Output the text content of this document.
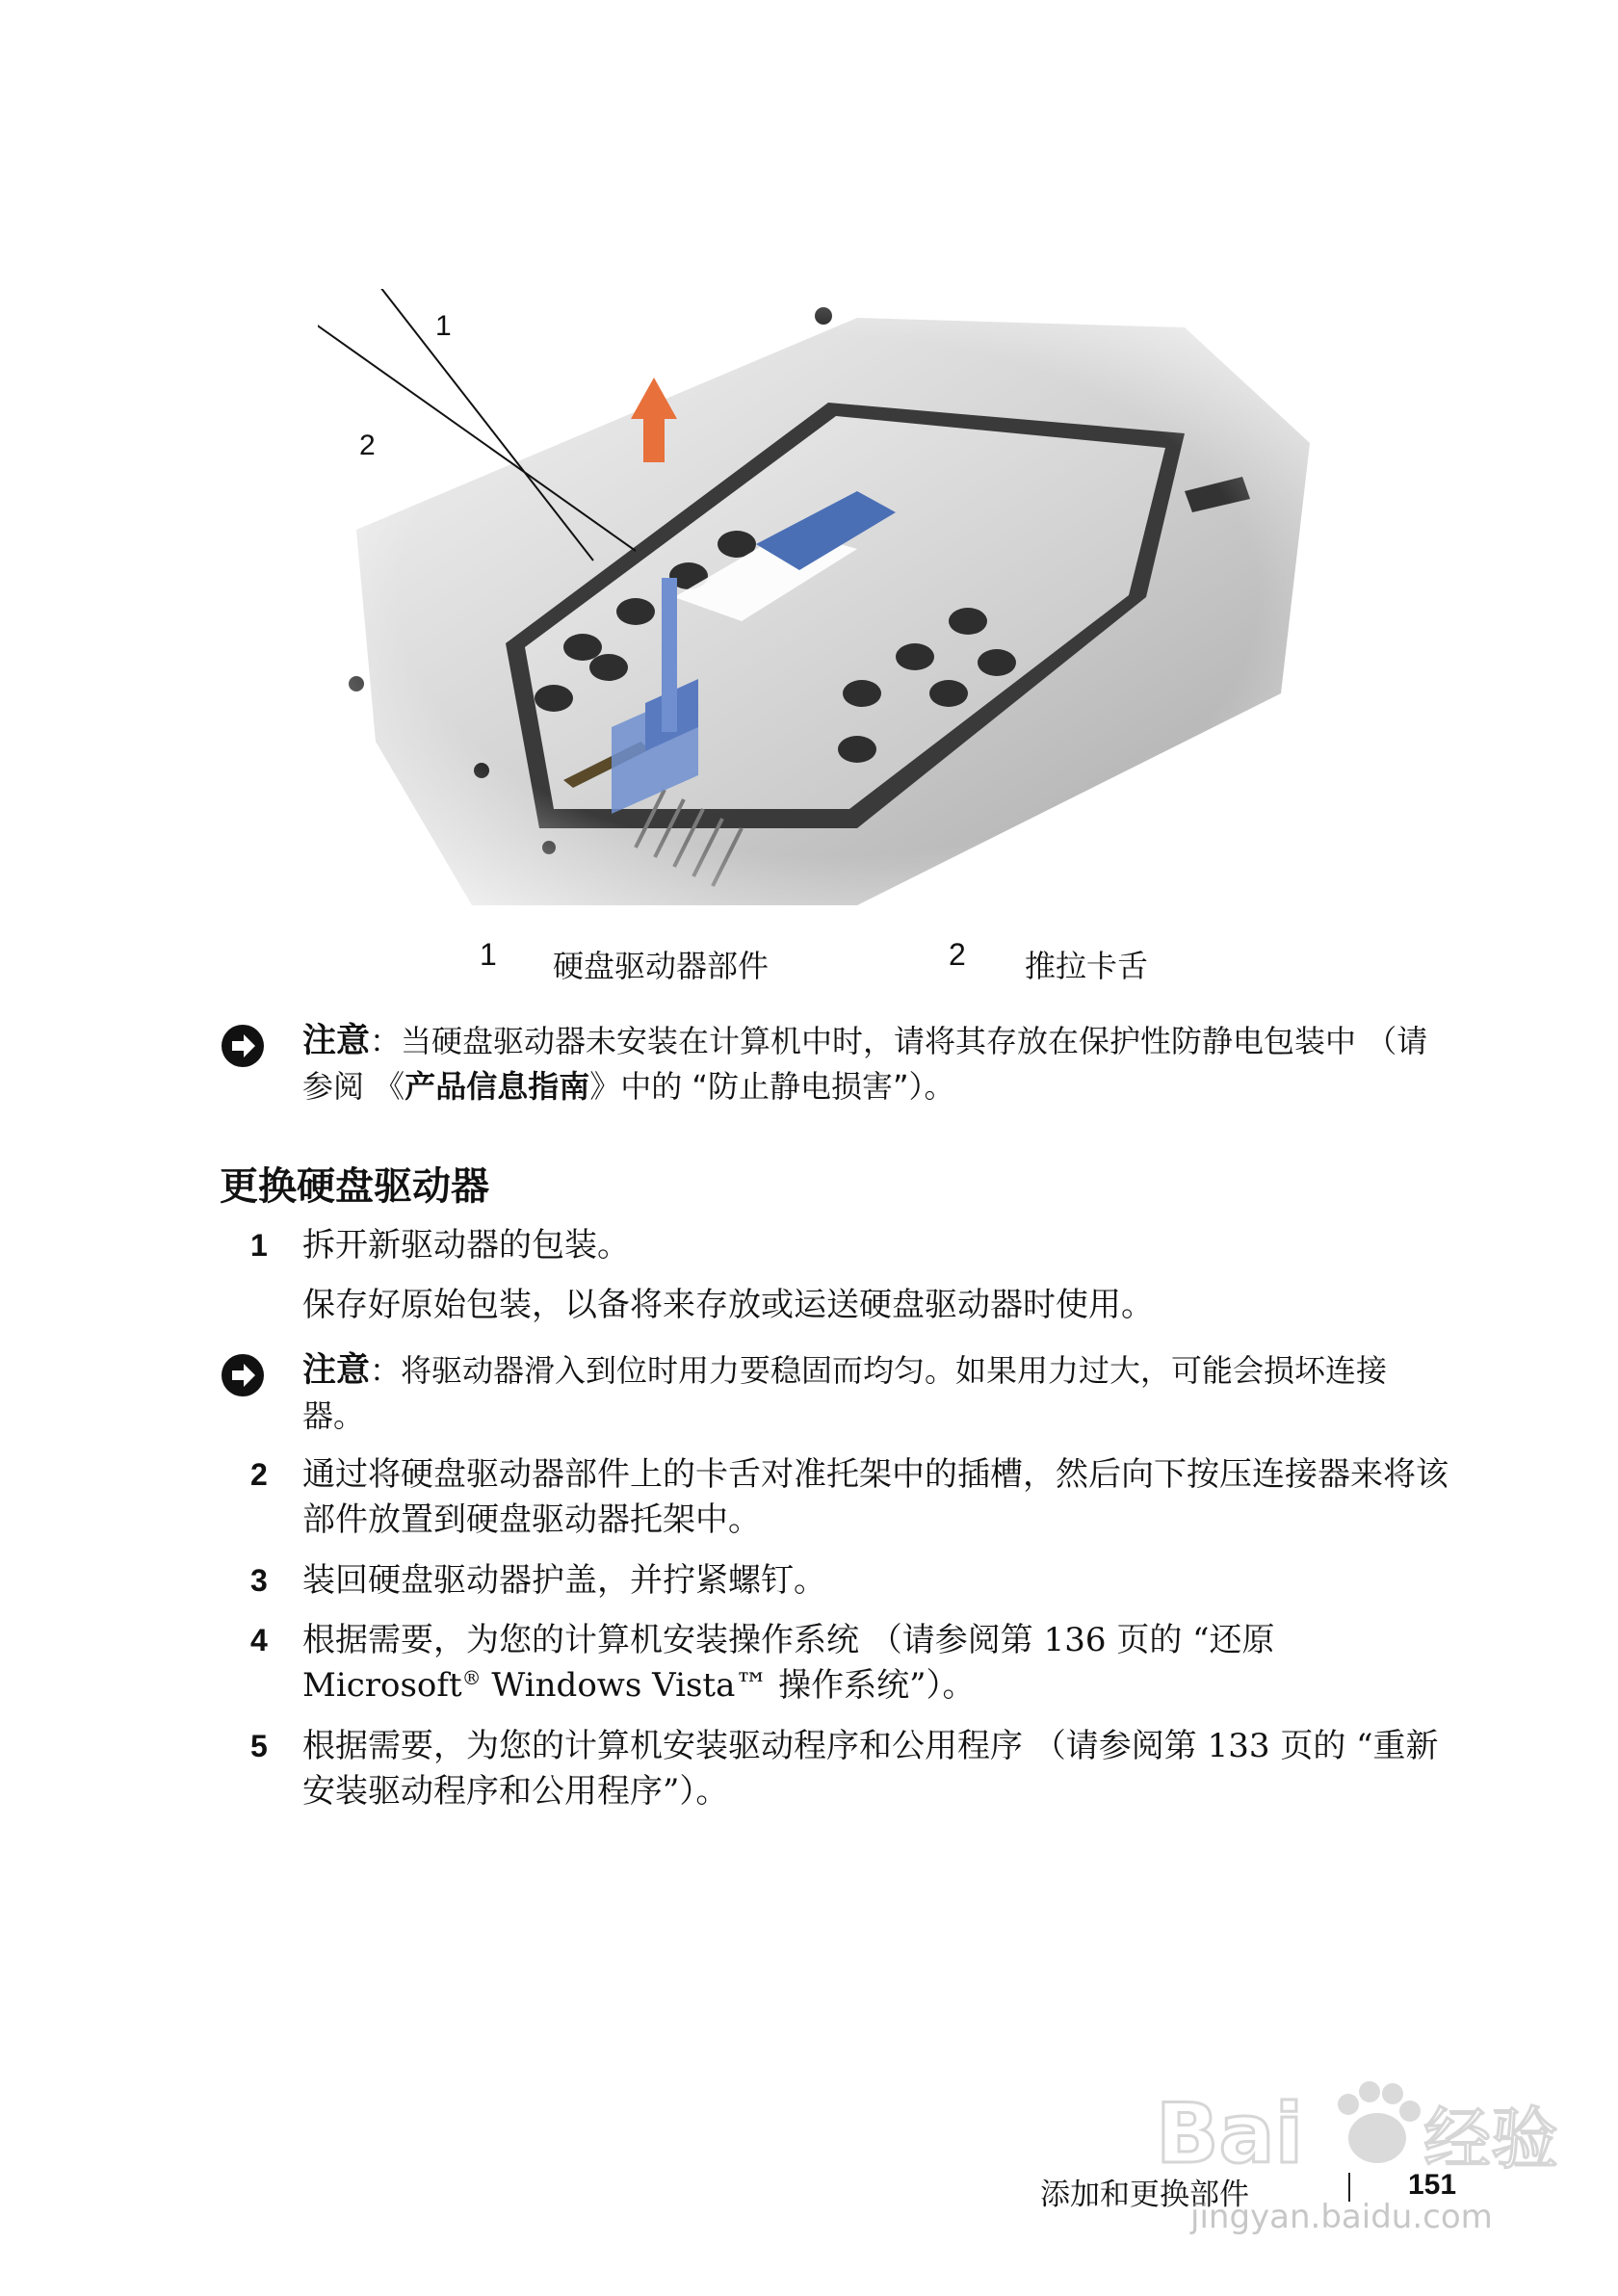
1
2
1 硬盘驱动器部件	2 推拉卡舌
注意：当硬盘驱动器未安装在计算机中时，请将其存放在保护性防静电包装中 （请参阅 《产品信息指南》中的 “防止静电损害”）。
更换硬盘驱动器
1 拆开新驱动器的包装。
保存好原始包装，以备将来存放或运送硬盘驱动器时使用。
注意：将驱动器滑入到位时用力要稳固而均匀。如果用力过大，可能会损坏连接器。
2 通过将硬盘驱动器部件上的卡舌对准托架中的插槽，然后向下按压连接器来将该部件放置到硬盘驱动器托架中。
3 装回硬盘驱动器护盖，并拧紧螺钉。
4 根据需要，为您的计算机安装操作系统 （请参阅第 136 页的 “还原 Microsoft® Windows Vista™ 操作系统”）。
5 根据需要，为您的计算机安装驱动程序和公用程序 （请参阅第 133 页的 “重新安装驱动程序和公用程序”）。
添加和更换部件	151
Bai 经验
jingyan.baidu.com
